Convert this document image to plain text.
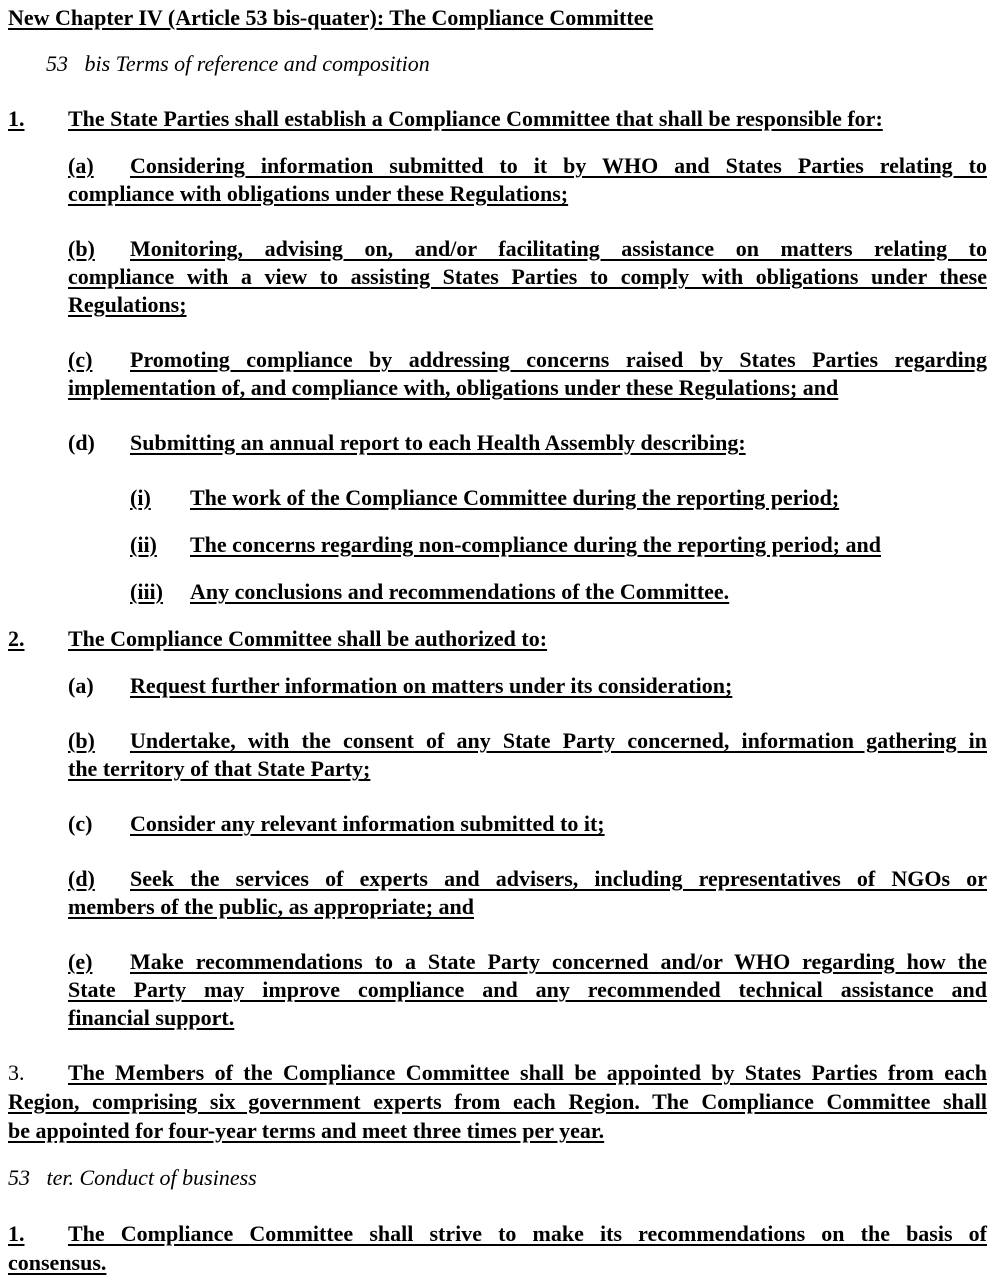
New Chapter IV (Article 53 bis-quater): The Compliance Committee
53 bis Terms of reference and composition
1.	The State Parties shall establish a Compliance Committee that shall be responsible for:
(a) Considering information submitted to it by WHO and States Parties relating to
compliance with obligations under these Regulations;
(b) Monitoring, advising on, and/or facilitating assistance on matters relating to
compliance with a view to assisting States Parties to comply with obligations under these
Regulations;
(c) Promoting compliance by addressing concerns raised by States Parties regarding
implementation of, and compliance with, obligations under these Regulations; and
(d) Submitting an annual report to each Health Assembly describing:
(i)	The work of the Compliance Committee during the reporting period;
(ii)	The concerns regarding non-compliance during the reporting period; and
(iii)	Any conclusions and recommendations of the Committee.
2.	The Compliance Committee shall be authorized to:
(a) Request further information on matters under its consideration;
(b) Undertake, with the consent of any State Party concerned, information gathering in
the territory of that State Party;
(c) Consider any relevant information submitted to it;
(d) Seek the services of experts and advisers, including representatives of NGOs or
members of the public, as appropriate; and
(e) Make recommendations to a State Party concerned and/or WHO regarding how the
State Party may improve compliance and any recommended technical assistance and
financial support.
3. The Members of the Compliance Committee shall be appointed by States Parties from each
Region, comprising six government experts from each Region. The Compliance Committee shall
be appointed for four-year terms and meet three times per year.
53 ter. Conduct of business
1. The Compliance Committee shall strive to make its recommendations on the basis of
consensus.
